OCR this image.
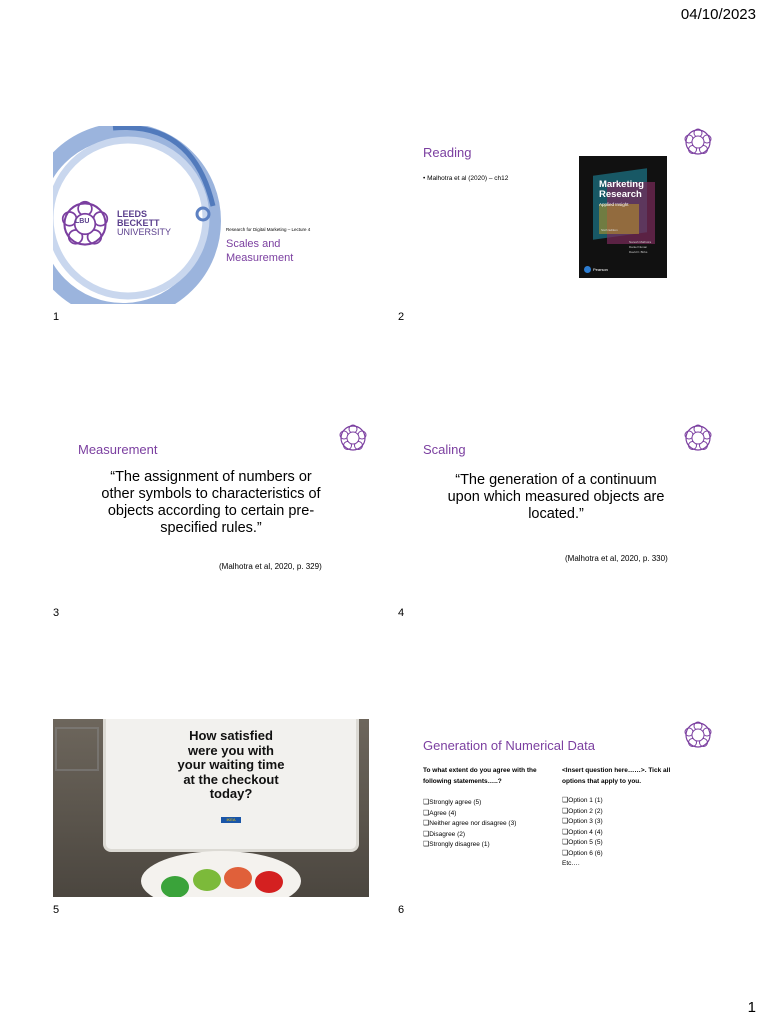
04/10/2023
1
LBU
LEEDS
BECKETT
UNIVERSITY	Research for Digital Marketing – Lecture 4
Scales and
Measurement
1
Reading
• Malhotra et al (2020) – ch12
Marketing
Research
Applied Insight
Sixth Edition
Naresh Malhotra
Daniel Nunan
David F. Birks
Pearson
2
Measurement
“The assignment of numbers or
other symbols to characteristics of
objects according to certain pre-
specified rules.”
(Malhotra et al, 2020, p. 329)
3
Scaling
“The generation of a continuum
upon which measured objects are
located.”
(Malhotra et al, 2020, p. 330)
4
How satisfied
were you with
your waiting time
at the checkout
today?
IKEA
5
Generation of Numerical Data
To what extent do you agree with the
following statements…..?
❑ Strongly agree (5)
❑ Agree (4)
❑ Neither agree nor disagree (3)
❑ Disagree (2)
❑ Strongly disagree (1)
<Insert question here……>. Tick all
options that apply to you.
❑ Option 1 (1)
❑ Option 2 (2)
❑ Option 3 (3)
❑ Option 4 (4)
❑ Option 5 (5)
❑ Option 6 (6)
Etc….
6
